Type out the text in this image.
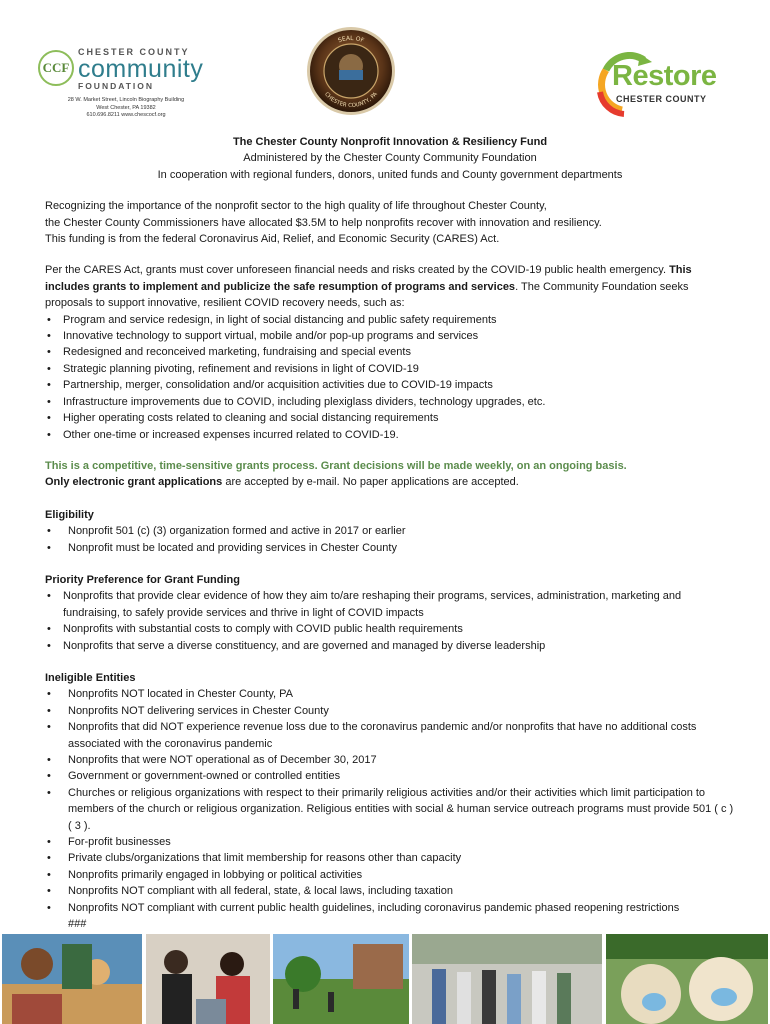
CCF
CHESTER COUNTY
community
FOUNDATION
28 W. Market Street, Lincoln Biography Building
West Chester, PA 19382
610.696.8211 www.chescocf.org
SEAL OF
CHESTER COUNTY, PA
Restore
CHESTER COUNTY

The Chester County Nonprofit Innovation & Resiliency Fund

Administered by the Chester County Community Foundation

In cooperation with regional funders, donors, united funds and County government departments

Recognizing the importance of the nonprofit sector to the high quality of life throughout Chester County,

the Chester County Commissioners have allocated $3.5M to help nonprofits recover with innovation and resiliency.

This funding is from the federal Coronavirus Aid, Relief, and Economic Security (CARES) Act.

Per the CARES Act, grants must cover unforeseen financial needs and risks created by the COVID-19 public health emergency. This includes grants to implement and publicize the safe resumption of programs and services. The Community Foundation seeks proposals to support innovative, resilient COVID recovery needs, such as:

• Program and service redesign, in light of social distancing and public safety requirements
• Innovative technology to support virtual, mobile and/or pop-up programs and services
• Redesigned and reconceived marketing, fundraising and special events
• Strategic planning pivoting, refinement and revisions in light of COVID-19
• Partnership, merger, consolidation and/or acquisition activities due to COVID-19 impacts
• Infrastructure improvements due to COVID, including plexiglass dividers, technology upgrades, etc.
• Higher operating costs related to cleaning and social distancing requirements
• Other one-time or increased expenses incurred related to COVID-19.

This is a competitive, time-sensitive grants process. Grant decisions will be made weekly, on an ongoing basis.

Only electronic grant applications are accepted by e-mail. No paper applications are accepted.

Eligibility

• Nonprofit 501 (c) (3) organization formed and active in 2017 or earlier
• Nonprofit must be located and providing services in Chester County

Priority Preference for Grant Funding

• Nonprofits that provide clear evidence of how they aim to/are reshaping their programs, services, administration, marketing and fundraising, to safely provide services and thrive in light of COVID impacts
• Nonprofits with substantial costs to comply with COVID public health requirements
• Nonprofits that serve a diverse constituency, and are governed and managed by diverse leadership

Ineligible Entities

• Nonprofits NOT located in Chester County, PA
• Nonprofits NOT delivering services in Chester County
• Nonprofits that did NOT experience revenue loss due to the coronavirus pandemic and/or nonprofits that have no additional costs associated with the coronavirus pandemic
• Nonprofits that were NOT operational as of December 30, 2017
• Government or government-owned or controlled entities
• Churches or religious organizations with respect to their primarily religious activities and/or their activities which limit participation to members of the church or religious organization. Religious entities with social & human service outreach programs must provide 501 ( c ) ( 3 ).
• For-profit businesses
• Private clubs/organizations that limit membership for reasons other than capacity
• Nonprofits primarily engaged in lobbying or political activities
• Nonprofits NOT compliant with all federal, state, & local laws, including taxation
• Nonprofits NOT compliant with current public health guidelines, including coronavirus pandemic phased reopening restrictions

###
